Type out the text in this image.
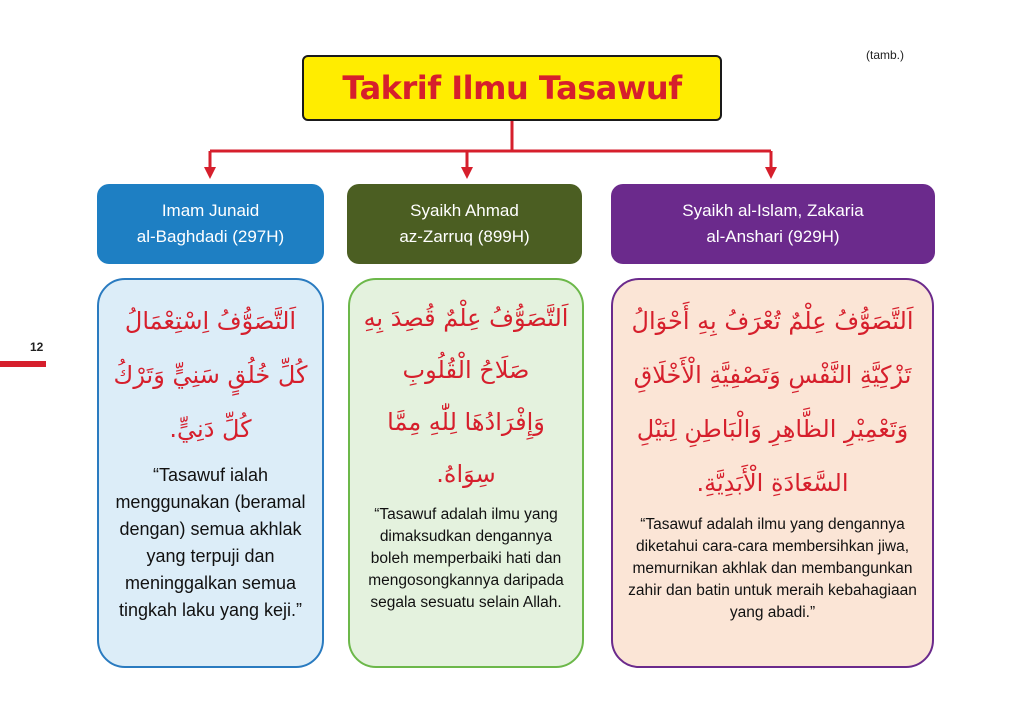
(tamb.)
12
Takrif Ilmu Tasawuf
Imam Junaid
al-Baghdadi (297H)
Syaikh Ahmad
az-Zarruq (899H)
Syaikh al-Islam, Zakaria
al-Anshari (929H)
اَلتَّصَوُّفُ اِسْتِعْمَالُ كُلِّ خُلُقٍ سَنِيٍّ وَتَرْكُ كُلِّ دَنِيٍّ.
“Tasawuf ialah menggunakan (beramal dengan) semua akhlak yang terpuji dan meninggalkan semua tingkah laku yang keji.”
اَلتَّصَوُّفُ عِلْمٌ قُصِدَ بِهِ صَلَاحُ الْقُلُوبِ وَإِفْرَادُهَا لِلّٰهِ مِمَّا سِوَاهُ.
“Tasawuf adalah ilmu yang dimaksudkan dengannya boleh memperbaiki hati dan mengosongkannya daripada segala sesuatu selain Allah.
اَلتَّصَوُّفُ عِلْمٌ تُعْرَفُ بِهِ أَحْوَالُ تَزْكِيَّةِ النَّفْسِ وَتَصْفِيَّةِ الْأَخْلَاقِ وَتَعْمِيْرِ الظَّاهِرِ وَالْبَاطِنِ لِنَيْلِ السَّعَادَةِ الْأَبَدِيَّةِ.
“Tasawuf adalah ilmu yang dengannya diketahui cara-cara membersihkan jiwa, memurnikan akhlak dan membangunkan zahir dan batin untuk meraih kebahagiaan yang abadi.”
